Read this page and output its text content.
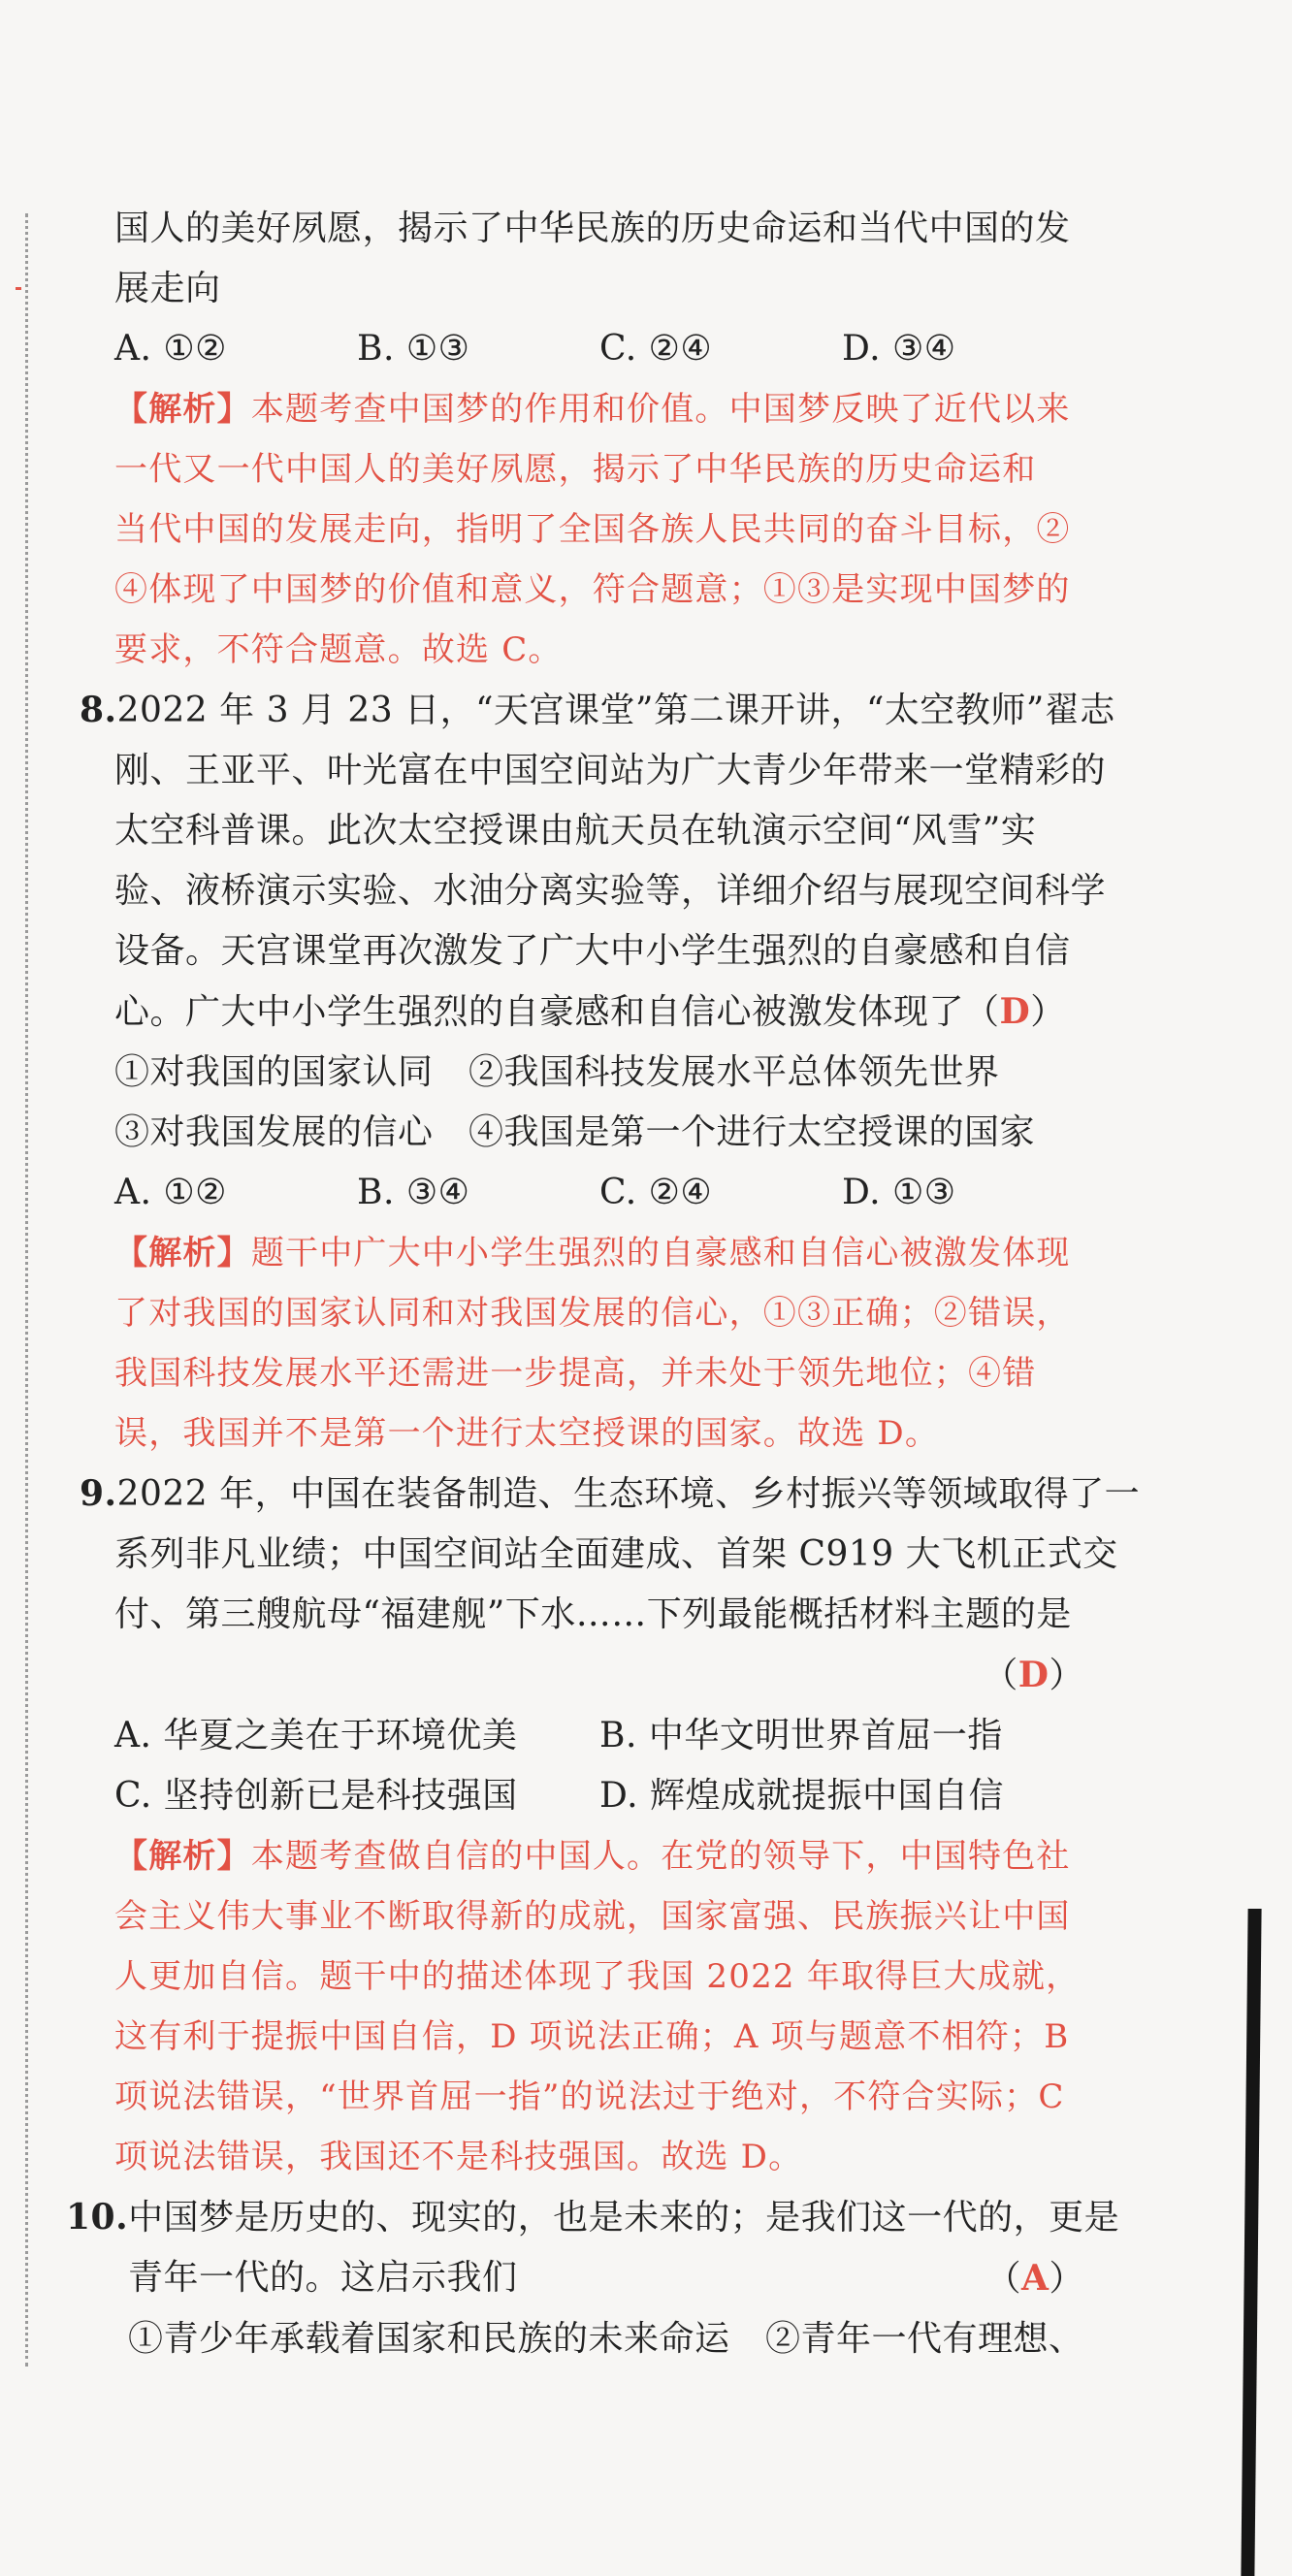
国人的美好夙愿，揭示了中华民族的历史命运和当代中国的发
展走向
A. ①②	B. ①③	C. ②④	D. ③④
【解析】本题考查中国梦的作用和价值。中国梦反映了近代以来
一代又一代中国人的美好夙愿，揭示了中华民族的历史命运和
当代中国的发展走向，指明了全国各族人民共同的奋斗目标，②
④体现了中国梦的价值和意义，符合题意；①③是实现中国梦的
要求，不符合题意。故选 C。
8.2022 年 3 月 23 日，“天宫课堂”第二课开讲，“太空教师”翟志
刚、王亚平、叶光富在中国空间站为广大青少年带来一堂精彩的
太空科普课。此次太空授课由航天员在轨演示空间“风雪”实
验、液桥演示实验、水油分离实验等，详细介绍与展现空间科学
设备。天宫课堂再次激发了广大中小学生强烈的自豪感和自信
心。广大中小学生强烈的自豪感和自信心被激发体现了（D）
①对我国的国家认同　②我国科技发展水平总体领先世界
③对我国发展的信心　④我国是第一个进行太空授课的国家
A. ①②	B. ③④	C. ②④	D. ①③
【解析】题干中广大中小学生强烈的自豪感和自信心被激发体现
了对我国的国家认同和对我国发展的信心，①③正确；②错误，
我国科技发展水平还需进一步提高，并未处于领先地位；④错
误，我国并不是第一个进行太空授课的国家。故选 D。
9.2022 年，中国在装备制造、生态环境、乡村振兴等领域取得了一
系列非凡业绩；中国空间站全面建成、首架 C919 大飞机正式交
付、第三艘航母“福建舰”下水……下列最能概括材料主题的是
（D）
A. 华夏之美在于环境优美	B. 中华文明世界首屈一指
C. 坚持创新已是科技强国	D. 辉煌成就提振中国自信
【解析】本题考查做自信的中国人。在党的领导下，中国特色社
会主义伟大事业不断取得新的成就，国家富强、民族振兴让中国
人更加自信。题干中的描述体现了我国 2022 年取得巨大成就，
这有利于提振中国自信，D 项说法正确；A 项与题意不相符；B
项说法错误，“世界首屈一指”的说法过于绝对，不符合实际；C
项说法错误，我国还不是科技强国。故选 D。
10.中国梦是历史的、现实的，也是未来的；是我们这一代的，更是
青年一代的。这启示我们	（A）
①青少年承载着国家和民族的未来命运　②青年一代有理想、
